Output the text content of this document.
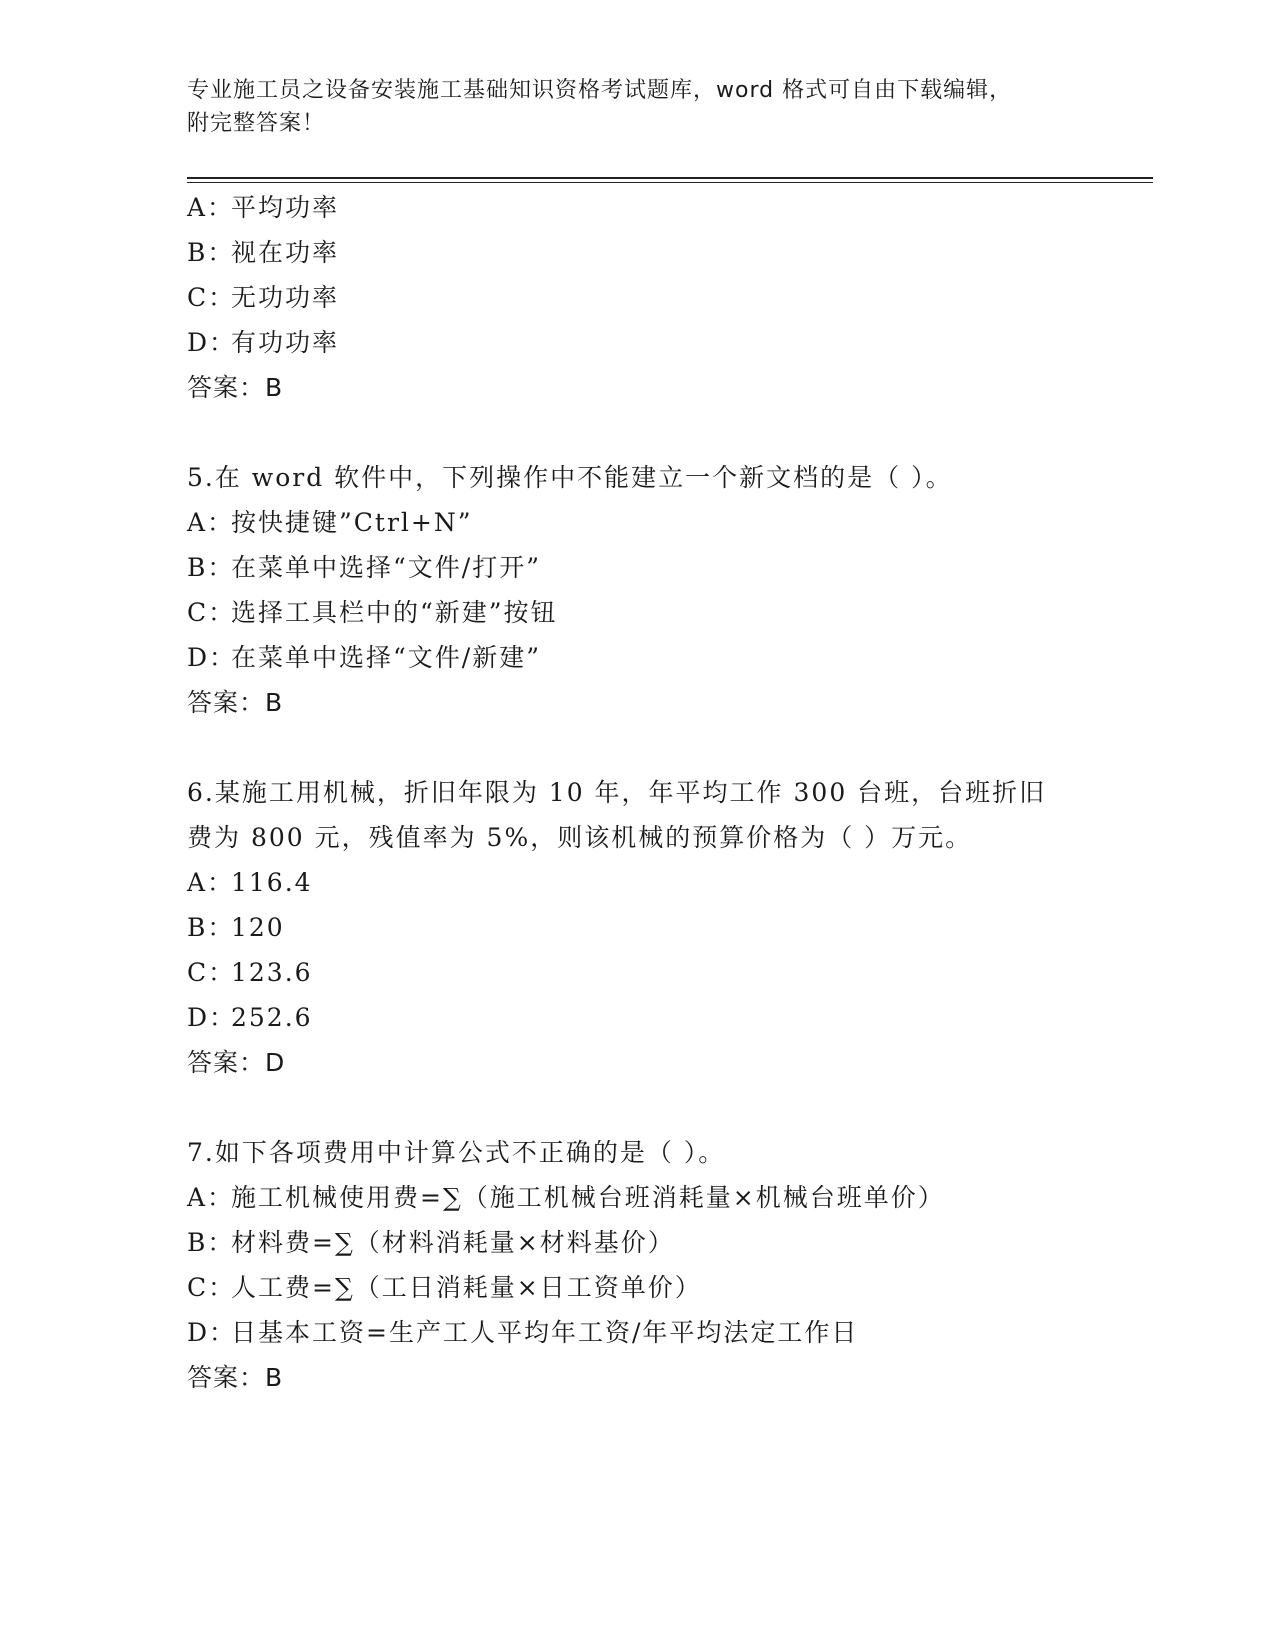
专业施工员之设备安装施工基础知识资格考试题库，word 格式可自由下载编辑，
附完整答案！
A：平均功率
B：视在功率
C：无功功率
D：有功功率
答案：B
5.在 word 软件中，下列操作中不能建立一个新文档的是（ ）。
A：按快捷键”Ctrl+N”
B：在菜单中选择“文件/打开”
C：选择工具栏中的“新建”按钮
D：在菜单中选择“文件/新建”
答案：B
6.某施工用机械，折旧年限为 10 年，年平均工作 300 台班，台班折旧
费为 800 元，残值率为 5%，则该机械的预算价格为（ ）万元。
A：116.4
B：120
C：123.6
D：252.6
答案：D
7.如下各项费用中计算公式不正确的是（ ）。
A：施工机械使用费=∑（施工机械台班消耗量×机械台班单价）
B：材料费=∑（材料消耗量×材料基价）
C：人工费=∑（工日消耗量×日工资单价）
D：日基本工资=生产工人平均年工资/年平均法定工作日
答案：B
